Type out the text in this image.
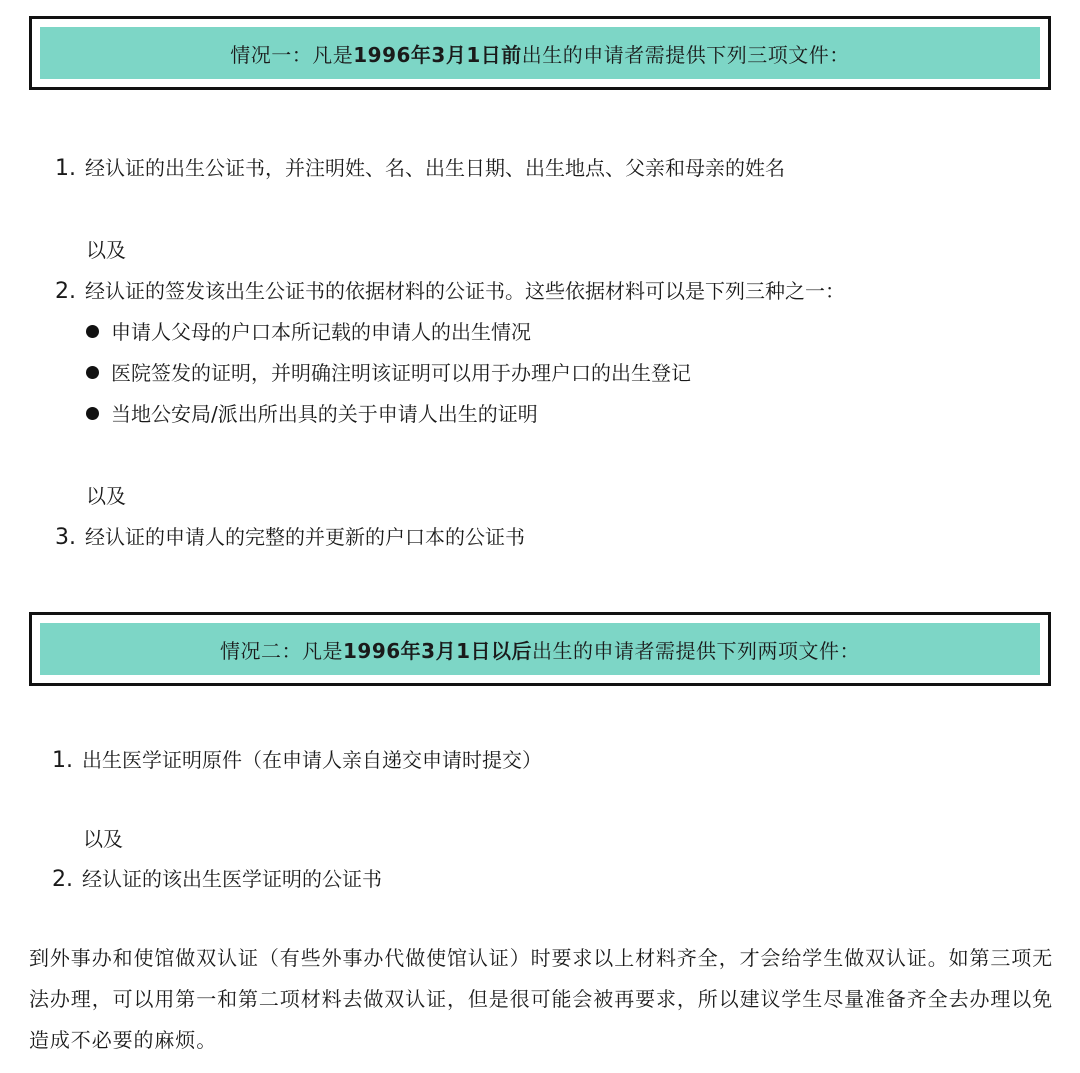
情况一：凡是 1996年3月1日前 出生的申请者需提供下列三项文件：
1. 经认证的出生公证书，并注明姓、名、出生日期、出生地点、父亲和母亲的姓名
以及
2. 经认证的签发该出生公证书的依据材料的公证书。这些依据材料可以是下列三种之一：
申请人父母的户口本所记载的申请人的出生情况
医院签发的证明，并明确注明该证明可以用于办理户口的出生登记
当地公安局/派出所出具的关于申请人出生的证明
以及
3. 经认证的申请人的完整的并更新的户口本的公证书
情况二：凡是 1996年3月1日以后 出生的申请者需提供下列两项文件：
1. 出生医学证明原件（在申请人亲自递交申请时提交）
以及
2. 经认证的该出生医学证明的公证书
到外事办和使馆做双认证（有些外事办代做使馆认证）时要求以上材料齐全，才会给学生做双认证。如第三项无法办理，可以用第一和第二项材料去做双认证，但是很可能会被再要求，所以建议学生尽量准备齐全去办理以免造成不必要的麻烦。
